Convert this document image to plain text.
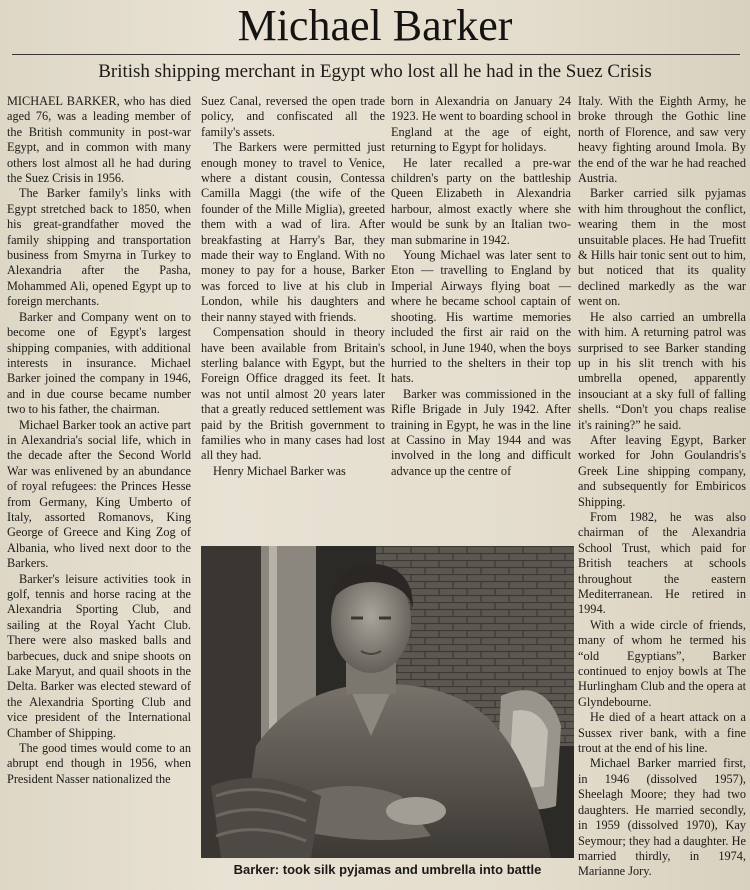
Michael Barker
British shipping merchant in Egypt who lost all he had in the Suez Crisis

MICHAEL BARKER, who has died aged 76, was a leading member of the British community in post-war Egypt, and in common with many others lost almost all he had during the Suez Crisis in 1956.

The Barker family's links with Egypt stretched back to 1850, when his great-grandfather moved the family shipping and transportation business from Smyrna in Turkey to Alexandria after the Pasha, Mohammed Ali, opened Egypt up to foreign merchants.

Barker and Company went on to become one of Egypt's largest shipping companies, with additional interests in insurance. Michael Barker joined the company in 1946, and in due course became number two to his father, the chairman.

Michael Barker took an active part in Alexandria's social life, which in the decade after the Second World War was enlivened by an abundance of royal refugees: the Princes Hesse from Germany, King Umberto of Italy, assorted Romanovs, King George of Greece and King Zog of Albania, who lived next door to the Barkers.

Barker's leisure activities took in golf, tennis and horse racing at the Alexandria Sporting Club, and sailing at the Royal Yacht Club. There were also masked balls and barbecues, duck and snipe shoots on Lake Maryut, and quail shoots in the Delta. Barker was elected steward of the Alexandria Sporting Club and vice president of the International Chamber of Shipping.

The good times would come to an abrupt end though in 1956, when President Nasser nationalized the

Suez Canal, reversed the open trade policy, and confiscated all the family's assets.

The Barkers were permitted just enough money to travel to Venice, where a distant cousin, Contessa Camilla Maggi (the wife of the founder of the Mille Miglia), greeted them with a wad of lira. After breakfasting at Harry's Bar, they made their way to England. With no money to pay for a house, Barker was forced to live at his club in London, while his daughters and their nanny stayed with friends.

Compensation should in theory have been available from Britain's sterling balance with Egypt, but the Foreign Office dragged its feet. It was not until almost 20 years later that a greatly reduced settlement was paid by the British government to families who in many cases had lost all they had.

Henry Michael Barker was

born in Alexandria on January 24 1923. He went to boarding school in England at the age of eight, returning to Egypt for holidays.

He later recalled a pre-war children's party on the battleship Queen Elizabeth in Alexandria harbour, almost exactly where she would be sunk by an Italian two-man submarine in 1942.

Young Michael was later sent to Eton — travelling to England by Imperial Airways flying boat — where he became school captain of shooting. His wartime memories included the first air raid on the school, in June 1940, when the boys hurried to the shelters in their top hats.

Barker was commissioned in the Rifle Brigade in July 1942. After training in Egypt, he was in the line at Cassino in May 1944 and was involved in the long and difficult advance up the centre of

Italy. With the Eighth Army, he broke through the Gothic line north of Florence, and saw very heavy fighting around Imola. By the end of the war he had reached Austria.

Barker carried silk pyjamas with him throughout the conflict, wearing them in the most unsuitable places. He had Truefitt & Hills hair tonic sent out to him, but noticed that its quality declined markedly as the war went on.

He also carried an umbrella with him. A returning patrol was surprised to see Barker standing up in his slit trench with his umbrella opened, apparently insouciant at a sky full of falling shells. “Don't you chaps realise it's raining?” he said.

After leaving Egypt, Barker worked for John Goulandris's Greek Line shipping company, and subsequently for Embiricos Shipping.

From 1982, he was also chairman of the Alexandria School Trust, which paid for British teachers at schools throughout the eastern Mediterranean. He retired in 1994.

With a wide circle of friends, many of whom he termed his “old Egyptians”, Barker continued to enjoy bowls at The Hurlingham Club and the opera at Glyndebourne.

He died of a heart attack on a Sussex river bank, with a fine trout at the end of his line.

Michael Barker married first, in 1946 (dissolved 1957), Sheelagh Moore; they had two daughters. He married secondly, in 1959 (dissolved 1970), Kay Seymour; they had a daughter. He married thirdly, in 1974, Marianne Jory.

Barker: took silk pyjamas and umbrella into battle
